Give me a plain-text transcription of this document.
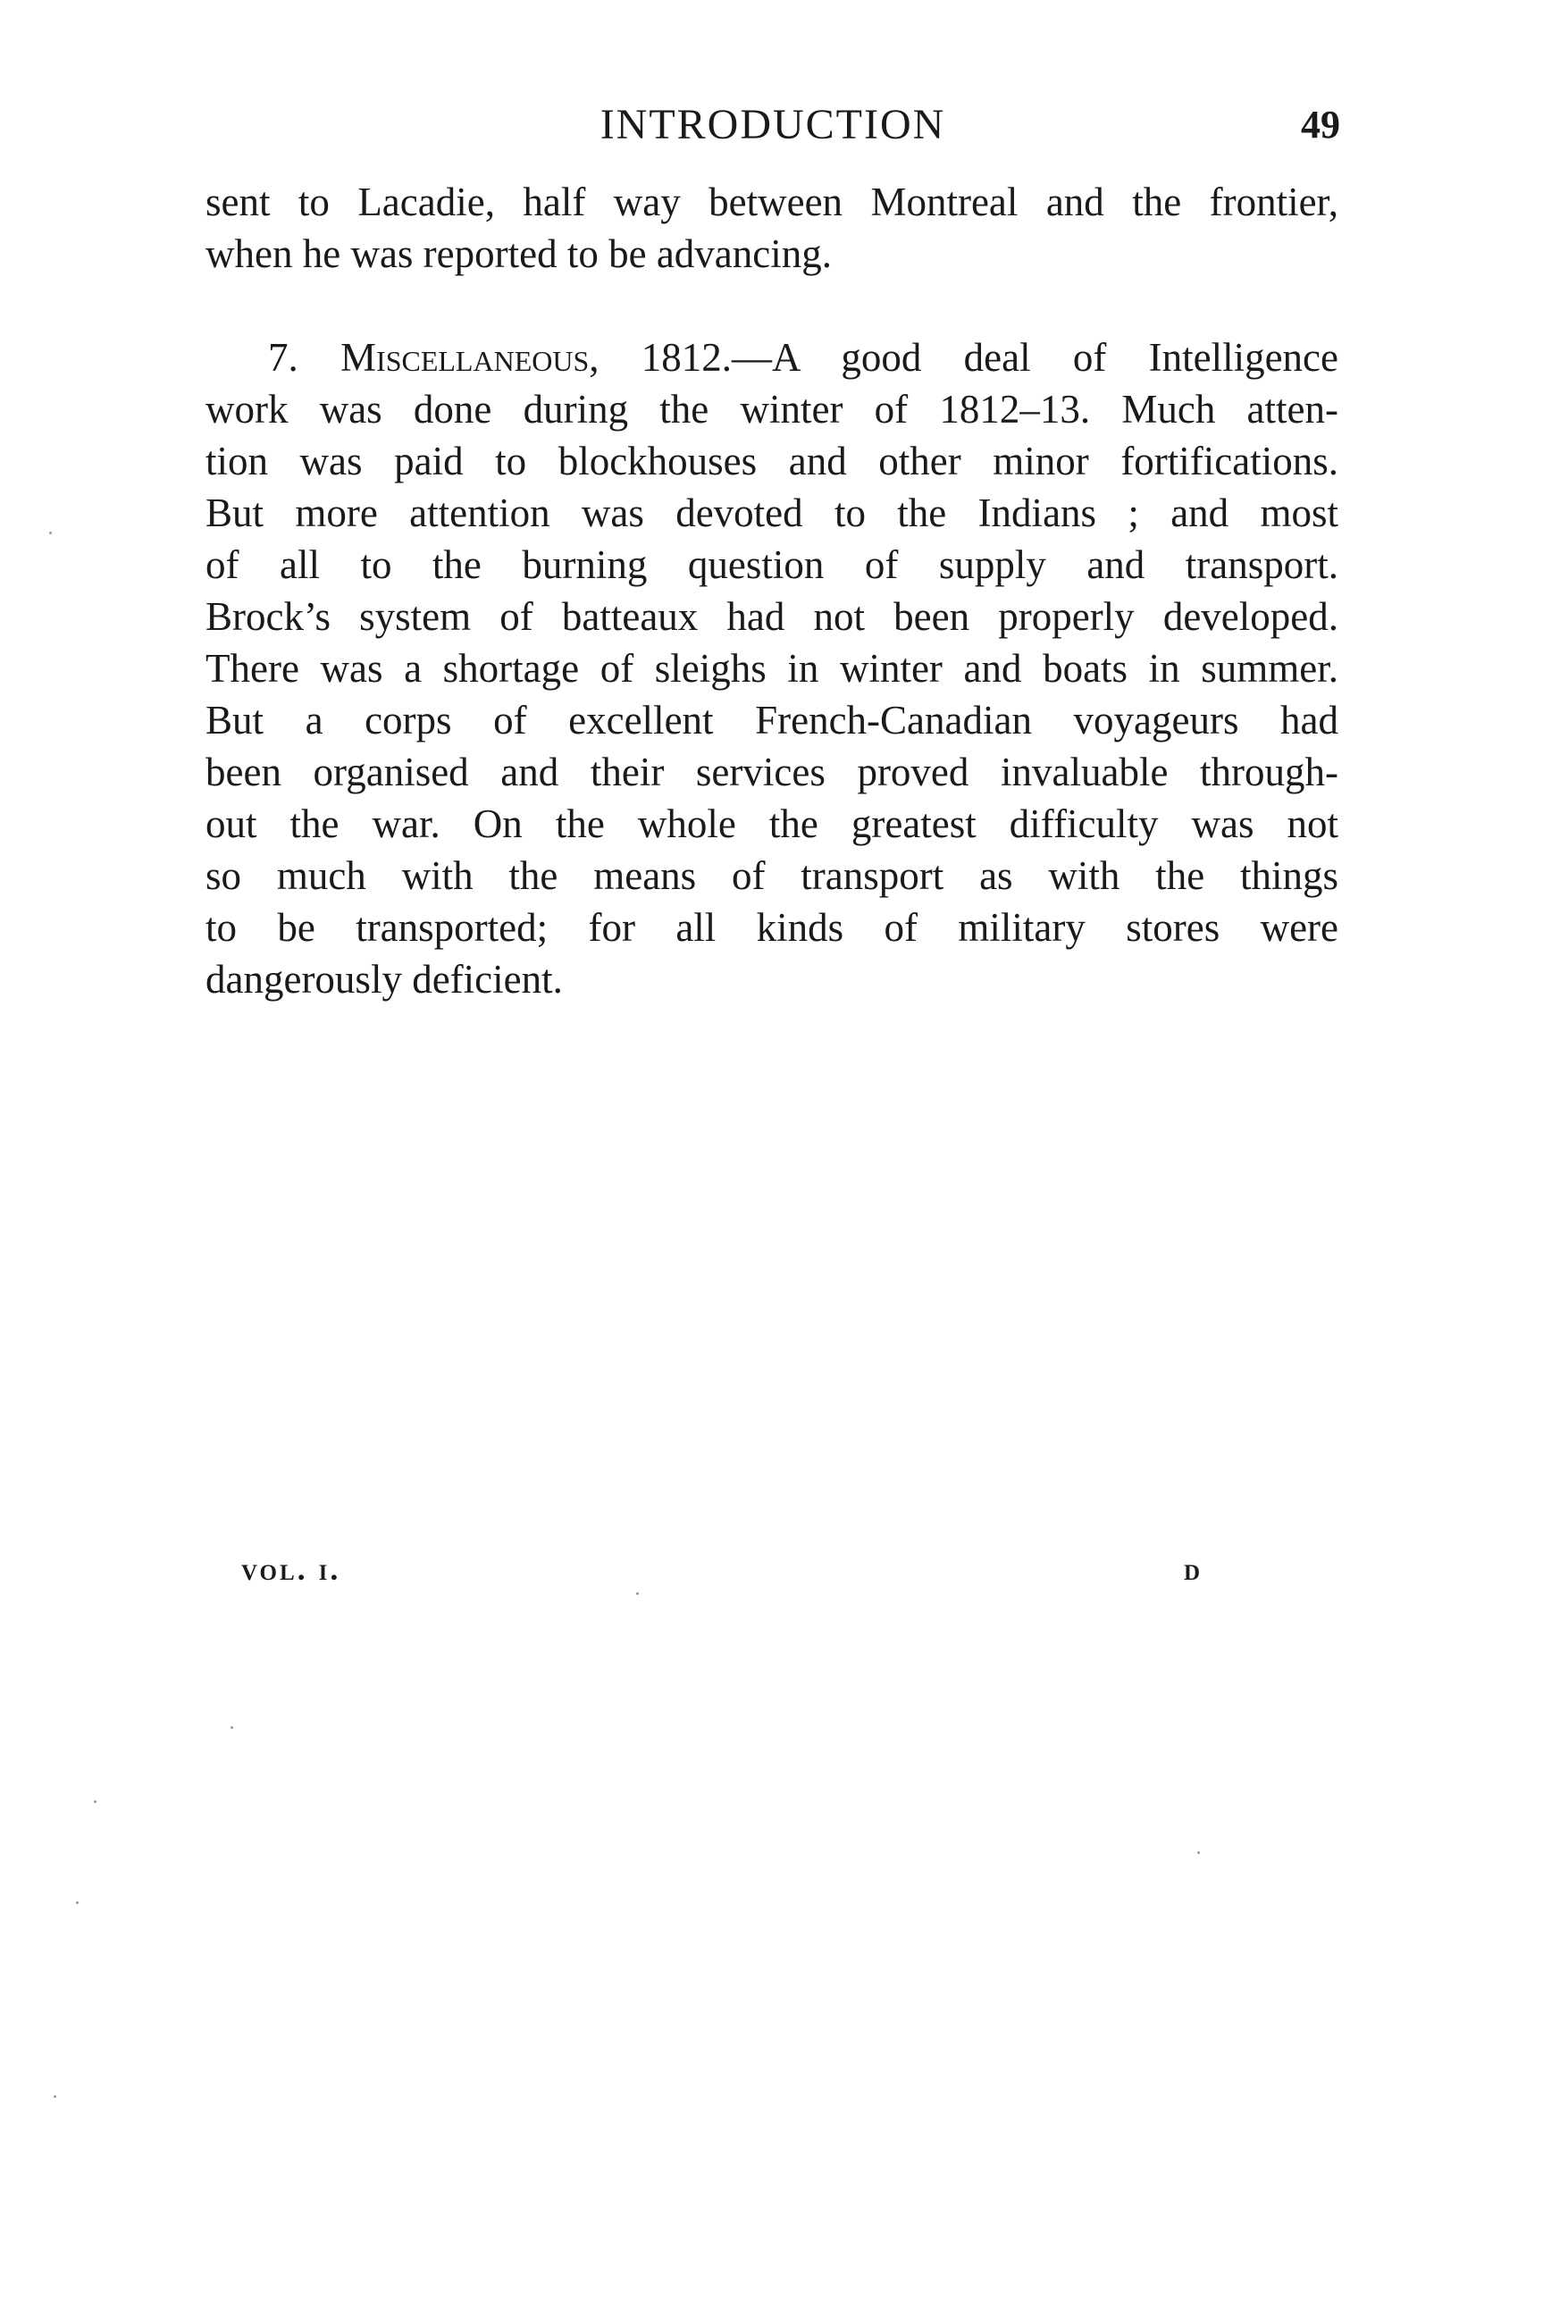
INTRODUCTION	49
sent to Lacadie, half way between Montreal and the frontier,
when he was reported to be advancing.
7. Miscellaneous, 1812.—A good deal of Intelligence
work was done during the winter of 1812–13. Much atten-
tion was paid to blockhouses and other minor fortifications.
But more attention was devoted to the Indians ; and most
of all to the burning question of supply and transport.
Brock’s system of batteaux had not been properly developed.
There was a shortage of sleighs in winter and boats in summer.
But a corps of excellent French-Canadian voyageurs had
been organised and their services proved invaluable through-
out the war. On the whole the greatest difficulty was not
so much with the means of transport as with the things
to be transported; for all kinds of military stores were
dangerously deficient.
vol. i.	d
